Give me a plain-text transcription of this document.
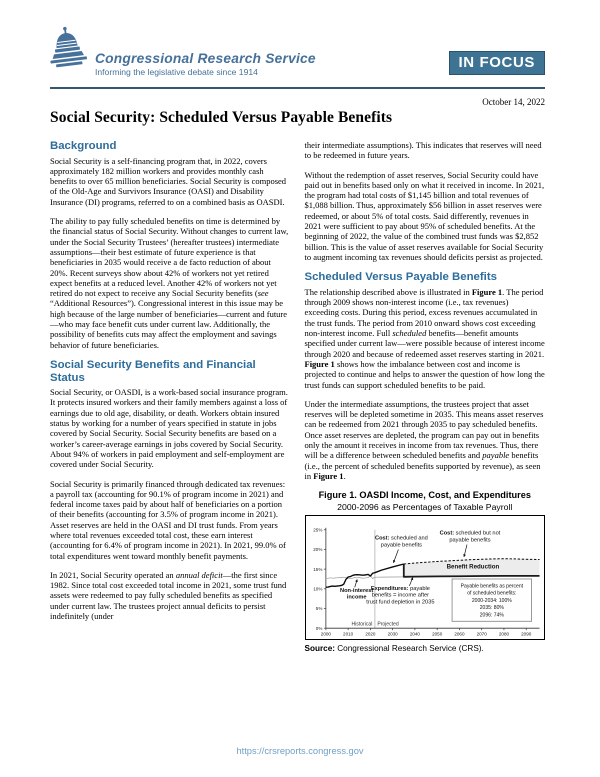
Congressional Research Service
Informing the legislative debate since 1914
IN FOCUS
October 14, 2022
Social Security: Scheduled Versus Payable Benefits
Background

Social Security is a self-financing program that, in 2022, covers approximately 182 million workers and provides monthly cash benefits to over 65 million beneficiaries. Social Security is composed of the Old-Age and Survivors Insurance (OASI) and Disability Insurance (DI) programs, referred to on a combined basis as OASDI.

The ability to pay fully scheduled benefits on time is determined by the financial status of Social Security. Without changes to current law, under the Social Security Trustees’ (hereafter trustees) intermediate assumptions—their best estimate of future experience is that beneficiaries in 2035 would receive a de facto reduction of about 20%. Recent surveys show about 42% of workers not yet retired expect benefits at a reduced level. Another 42% of workers not yet retired do not expect to receive any Social Security benefits (see “Additional Resources”). Congressional interest in this issue may be high because of the large number of beneficiaries—current and future—who may face benefit cuts under current law. Additionally, the possibility of benefits cuts may affect the employment and savings behavior of future beneficiaries.

Social Security Benefits and Financial Status

Social Security, or OASDI, is a work-based social insurance program. It protects insured workers and their family members against a loss of earnings due to old age, disability, or death. Workers obtain insured status by working for a number of years specified in statute in jobs covered by Social Security. Social Security benefits are based on a worker’s career-average earnings in jobs covered by Social Security. About 94% of workers in paid employment and self-employment are covered under Social Security.

Social Security is primarily financed through dedicated tax revenues: a payroll tax (accounting for 90.1% of program income in 2021) and federal income taxes paid by about half of beneficiaries on a portion of their benefits (accounting for 3.5% of program income in 2021). Asset reserves are held in the OASI and DI trust funds. From years where total revenues exceeded total cost, these earn interest (accounting for 6.4% of program income in 2021). In 2021, 99.0% of total expenditures went toward monthly benefit payments.

In 2021, Social Security operated an annual deficit—the first since 1982. Since total cost exceeded total income in 2021, some trust fund assets were redeemed to pay fully scheduled benefits as specified under current law. The trustees project annual deficits to persist indefinitely (under

their intermediate assumptions). This indicates that reserves will need to be redeemed in future years.

Without the redemption of asset reserves, Social Security could have paid out in benefits based only on what it received in income. In 2021, the program had total costs of $1,145 billion and total revenues of $1,088 billion. Thus, approximately $56 billion in asset reserves were redeemed, or about 5% of total costs. Said differently, revenues in 2021 were sufficient to pay about 95% of scheduled benefits. At the beginning of 2022, the value of the combined trust funds was $2,852 billion. This is the value of asset reserves available for Social Security to augment incoming tax revenues should deficits persist as projected.

Scheduled Versus Payable Benefits

The relationship described above is illustrated in Figure 1. The period through 2009 shows non-interest income (i.e., tax revenues) exceeding costs. During this period, excess revenues accumulated in the trust funds. The period from 2010 onward shows cost exceeding non-interest income. Full scheduled benefits—benefit amounts specified under current law—were possible because of interest income through 2020 and because of redeemed asset reserves starting in 2021. Figure 1 shows how the imbalance between cost and income is projected to continue and helps to answer the question of how long the trust funds can support scheduled benefits to be paid.

Under the intermediate assumptions, the trustees project that asset reserves will be depleted sometime in 2035. This means asset reserves can be redeemed from 2021 through 2035 to pay scheduled benefits. Once asset reserves are depleted, the program can pay out in benefits only the amount it receives in income from tax revenues. Thus, there will be a difference between scheduled benefits and payable benefits (i.e., the percent of scheduled benefits supported by revenue), as seen in Figure 1.

Figure 1. OASDI Income, Cost, and Expenditures
2000-2096 as Percentages of Taxable Payroll
0%
5%
10%
15%
20%
25%
2000	2010	2020	2030	2040	2050	2060	2070	2080	2090
Historical Projected
Payable benefits as percent
of scheduled benefits:
2000-2034: 100%
2035: 80%
2096: 74%
Cost: scheduled and
payable benefits
Cost: scheduled but not
payable benefits
Benefit Reduction
Non-interest
income
Expenditures: payable
benefits = income after
trust fund depletion in 2035
Source: Congressional Research Service (CRS).
https://crsreports.congress.gov
